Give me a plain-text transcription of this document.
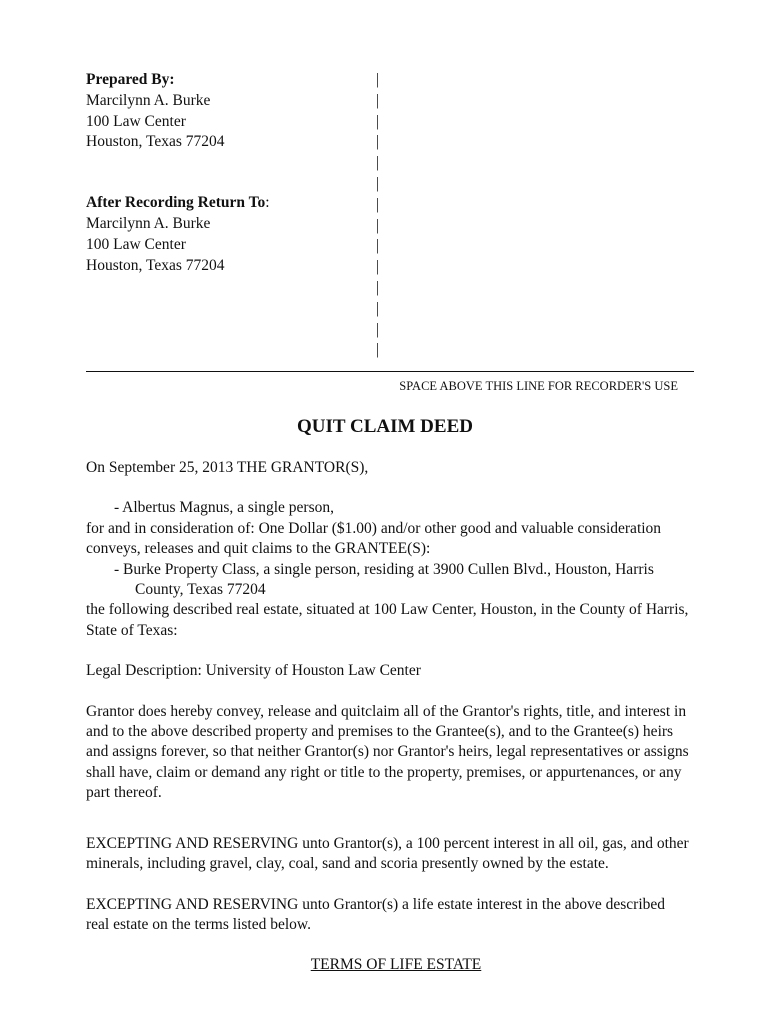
Prepared By:
Marcilynn A. Burke
100 Law Center
Houston, Texas 77204
After Recording Return To:
Marcilynn A. Burke
100 Law Center
Houston, Texas 77204
|
|
|
|
|
|
|
|
|
|
|
|
|
|
SPACE ABOVE THIS LINE FOR RECORDER'S USE
QUIT CLAIM DEED

On September 25, 2013 THE GRANTOR(S),

- Albertus Magnus, a single person,

for and in consideration of: One Dollar ($1.00) and/or other good and valuable consideration

conveys, releases and quit claims to the GRANTEE(S):

- Burke Property Class, a single person, residing at 3900 Cullen Blvd., Houston, Harris

County, Texas 77204

the following described real estate, situated at 100 Law Center, Houston, in the County of Harris,

State of Texas:

Legal Description: University of Houston Law Center

Grantor does hereby convey, release and quitclaim all of the Grantor's rights, title, and interest in

and to the above described property and premises to the Grantee(s), and to the Grantee(s) heirs

and assigns forever, so that neither Grantor(s) nor Grantor's heirs, legal representatives or assigns

shall have, claim or demand any right or title to the property, premises, or appurtenances, or any

part thereof.

EXCEPTING AND RESERVING unto Grantor(s), a 100 percent interest in all oil, gas, and other

minerals, including gravel, clay, coal, sand and scoria presently owned by the estate.

EXCEPTING AND RESERVING unto Grantor(s) a life estate interest in the above described

real estate on the terms listed below.

TERMS OF LIFE ESTATE
